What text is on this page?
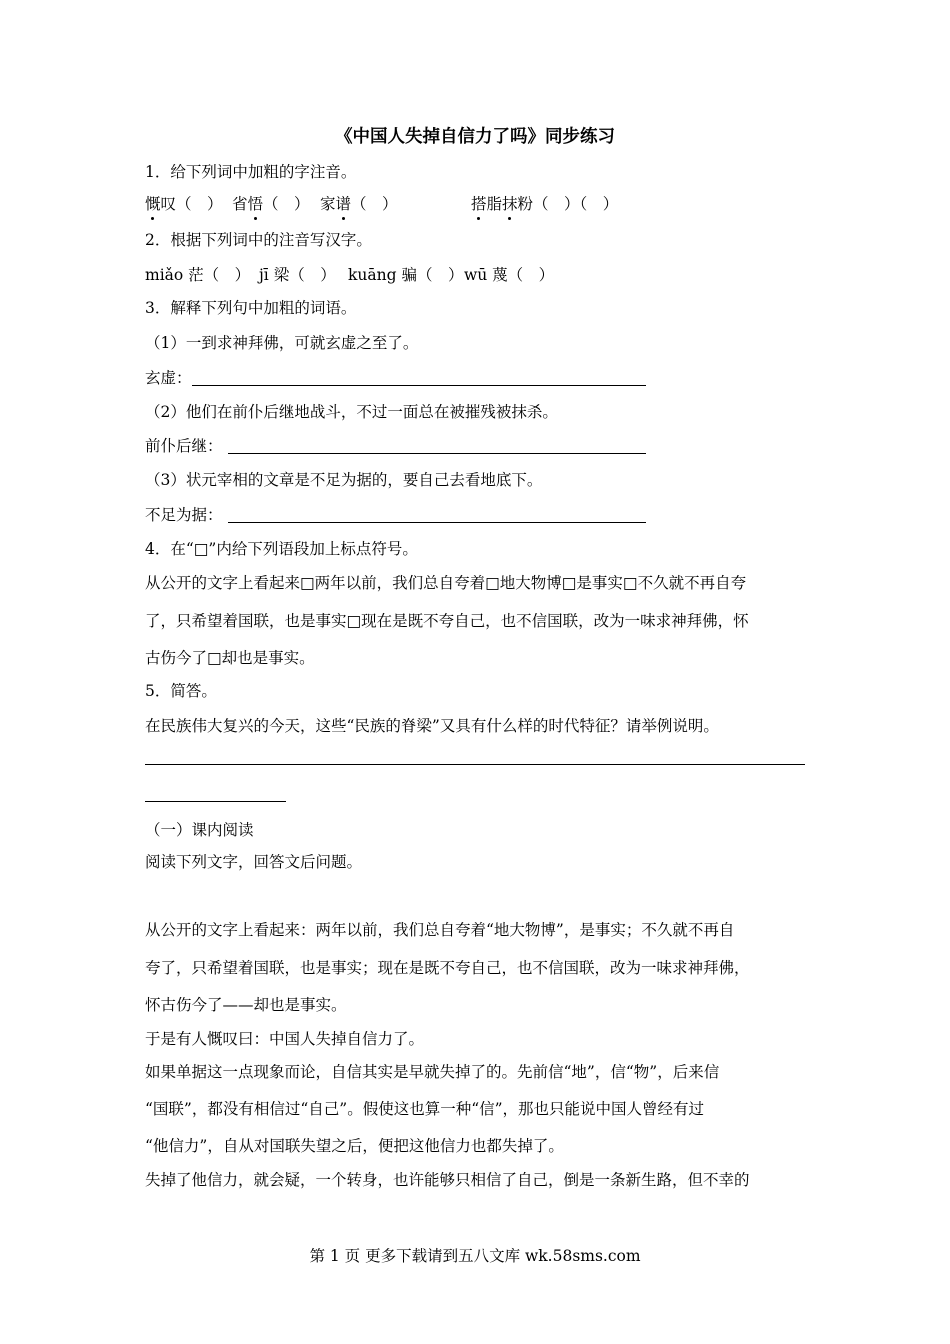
《中国人失掉自信力了吗》同步练习
1．给下列词中加粗的字注音。
慨叹（　） 省悟（　） 家谱（　）	搭脂抹粉（　）（　）
2．根据下列词中的注音写汉字。
miǎo 茫（　） jī 梁（　） kuāng 骗（　） wū 蔑（　）
3．解释下列句中加粗的词语。
（1）一到求神拜佛，可就玄虚之至了。
玄虚：
（2）他们在前仆后继地战斗，不过一面总在被摧残被抹杀。
前仆后继：
（3）状元宰相的文章是不足为据的，要自己去看地底下。
不足为据：
4．在“□”内给下列语段加上标点符号。
从公开的文字上看起来□两年以前，我们总自夸着□地大物博□是事实□不久就不再自夸
了，只希望着国联，也是事实□现在是既不夸自己，也不信国联，改为一味求神拜佛，怀
古伤今了□却也是事实。
5．简答。
在民族伟大复兴的今天，这些“民族的脊梁”又具有什么样的时代特征？请举例说明。
（一）课内阅读
阅读下列文字，回答文后问题。
从公开的文字上看起来：两年以前，我们总自夸着“地大物博”，是事实；不久就不再自
夸了，只希望着国联，也是事实；现在是既不夸自己，也不信国联，改为一味求神拜佛，
怀古伤今了——却也是事实。
于是有人慨叹曰：中国人失掉自信力了。
如果单据这一点现象而论，自信其实是早就失掉了的。先前信“地”，信“物”，后来信
“国联”，都没有相信过“自己”。假使这也算一种“信”，那也只能说中国人曾经有过
“他信力”，自从对国联失望之后，便把这他信力也都失掉了。
失掉了他信力，就会疑，一个转身，也许能够只相信了自己，倒是一条新生路，但不幸的
第 1 页 更多下载请到五八文库 wk.58sms.com
